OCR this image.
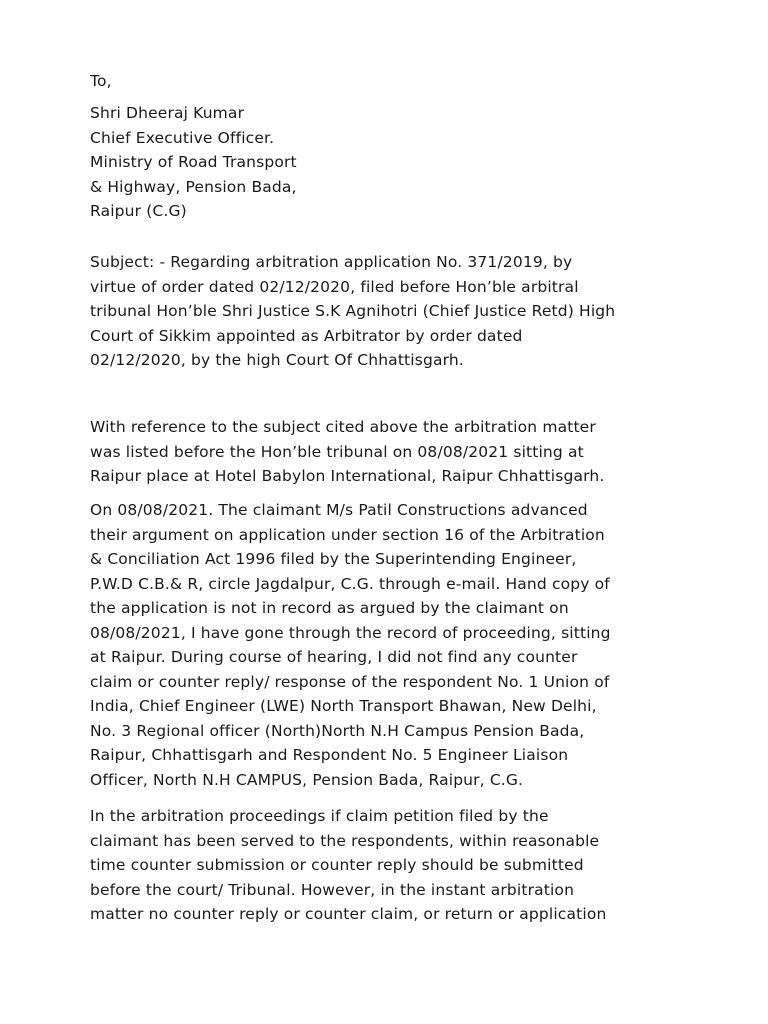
To,
Shri Dheeraj Kumar
Chief Executive Officer.
Ministry of Road Transport
& Highway, Pension Bada,
Raipur (C.G)
Subject: - Regarding arbitration application No. 371/2019, by
virtue of order dated 02/12/2020, filed before Hon’ble arbitral
tribunal Hon’ble Shri Justice S.K Agnihotri (Chief Justice Retd) High
Court of Sikkim appointed as Arbitrator by order dated
02/12/2020, by the high Court Of Chhattisgarh.
With reference to the subject cited above the arbitration matter
was listed before the Hon’ble tribunal on 08/08/2021 sitting at
Raipur place at Hotel Babylon International, Raipur Chhattisgarh.
On 08/08/2021. The claimant M/s Patil Constructions advanced
their argument on application under section 16 of the Arbitration
& Conciliation Act 1996 filed by the Superintending Engineer,
P.W.D C.B.& R, circle Jagdalpur, C.G. through e-mail. Hand copy of
the application is not in record as argued by the claimant on
08/08/2021, I have gone through the record of proceeding, sitting
at Raipur. During course of hearing, I did not find any counter
claim or counter reply/ response of the respondent No. 1 Union of
India, Chief Engineer (LWE) North Transport Bhawan, New Delhi,
No. 3 Regional officer (North)North N.H Campus Pension Bada,
Raipur, Chhattisgarh and Respondent No. 5 Engineer Liaison
Officer, North N.H CAMPUS, Pension Bada, Raipur, C.G.
In the arbitration proceedings if claim petition filed by the
claimant has been served to the respondents, within reasonable
time counter submission or counter reply should be submitted
before the court/ Tribunal. However, in the instant arbitration
matter no counter reply or counter claim, or return or application
